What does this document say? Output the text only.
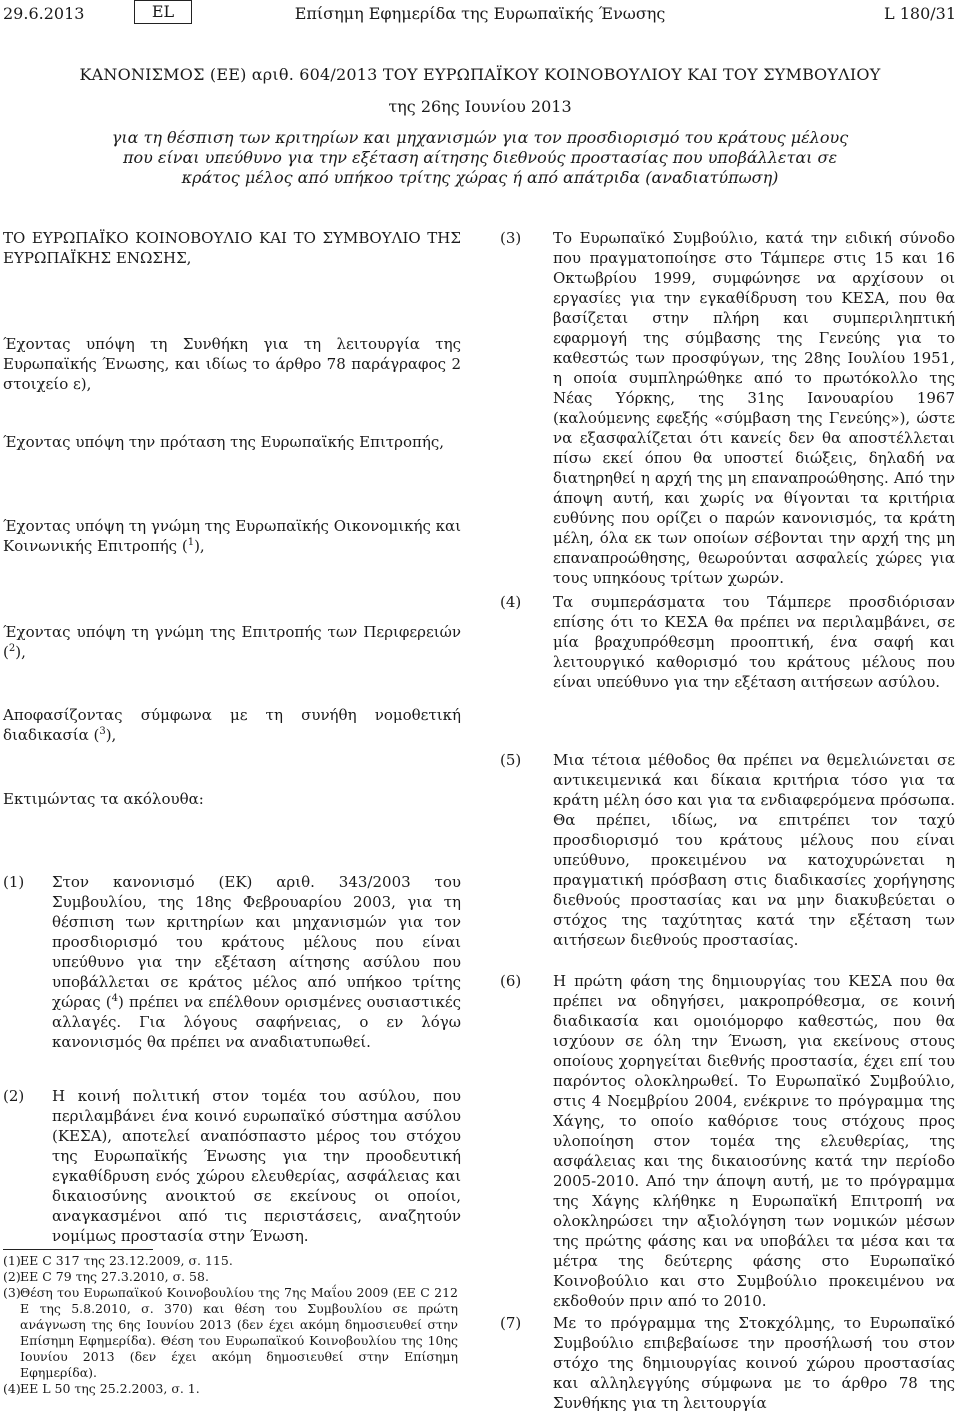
29.6.2013	EL	Επίσημη Εφημερίδα της Ευρωπαϊκής Ένωσης	L 180/31
ΚΑΝΟΝΙΣΜΟΣ (ΕΕ) αριθ. 604/2013 ΤΟΥ ΕΥΡΩΠΑΪΚΟΥ ΚΟΙΝΟΒΟΥΛΙΟΥ ΚΑΙ ΤΟΥ ΣΥΜΒΟΥΛΙΟΥ
της 26ης Ιουνίου 2013
για τη θέσπιση των κριτηρίων και μηχανισμών για τον προσδιορισμό του κράτους μέλους που είναι υπεύθυνο για την εξέταση αίτησης διεθνούς προστασίας που υποβάλλεται σε κράτος μέλος από υπήκοο τρίτης χώρας ή από απάτριδα (αναδιατύπωση)

ΤΟ ΕΥΡΩΠΑΪΚΟ ΚΟΙΝΟΒΟΥΛΙΟ ΚΑΙ ΤΟ ΣΥΜΒΟΥΛΙΟ ΤΗΣ ΕΥΡΩΠΑΪΚΗΣ ΕΝΩΣΗΣ,

Έχοντας υπόψη τη Συνθήκη για τη λειτουργία της Ευρωπαϊκής Ένωσης, και ιδίως το άρθρο 78 παράγραφος 2 στοιχείο ε),

Έχοντας υπόψη την πρόταση της Ευρωπαϊκής Επιτροπής,

Έχοντας υπόψη τη γνώμη της Ευρωπαϊκής Οικονομικής και Κοινωνικής Επιτροπής ($^1$),

Έχοντας υπόψη τη γνώμη της Επιτροπής των Περιφερειών ($^2$),

Αποφασίζοντας σύμφωνα με τη συνήθη νομοθετική διαδικασία ($^3$),

Εκτιμώντας τα ακόλουθα:

(1)	Στον κανονισμό (ΕΚ) αριθ. 343/2003 του Συμβουλίου, της 18ης Φεβρουαρίου 2003, για τη θέσπιση των κριτηρίων και μηχανισμών για τον προσδιορισμό του κράτους μέλους που είναι υπεύθυνο για την εξέταση αίτησης ασύλου που υποβάλλεται σε κράτος μέλος από υπήκοο τρίτης χώρας ($^4$) πρέπει να επέλθουν ορισμένες ουσιαστικές αλλαγές. Για λόγους σαφήνειας, ο εν λόγω κανονισμός θα πρέπει να αναδιατυπωθεί.
(2)	Η κοινή πολιτική στον τομέα του ασύλου, που περιλαμβάνει ένα κοινό ευρωπαϊκό σύστημα ασύλου (ΚΕΣΑ), αποτελεί αναπόσπαστο μέρος του στόχου της Ευρωπαϊκής Ένωσης για την προοδευτική εγκαθίδρυση ενός χώρου ελευθερίας, ασφάλειας και δικαιοσύνης ανοικτού σε εκείνους οι οποίοι, αναγκασμένοι από τις περιστάσεις, αναζητούν νομίμως προστασία στην Ένωση.
(1) ΕΕ C 317 της 23.12.2009, σ. 115.
(2) ΕΕ C 79 της 27.3.2010, σ. 58.
(3) Θέση του Ευρωπαϊκού Κοινοβουλίου της 7ης Μαΐου 2009 (ΕΕ C 212 E της 5.8.2010, σ. 370) και θέση του Συμβουλίου σε πρώτη ανάγνωση της 6ης Ιουνίου 2013 (δεν έχει ακόμη δημοσιευθεί στην Επίσημη Εφημερίδα). Θέση του Ευρωπαϊκού Κοινοβουλίου της 10ης Ιουνίου 2013 (δεν έχει ακόμη δημοσιευθεί στην Επίσημη Εφημερίδα).
(4) ΕΕ L 50 της 25.2.2003, σ. 1.
(3)	Το Ευρωπαϊκό Συμβούλιο, κατά την ειδική σύνοδο που πραγματοποίησε στο Τάμπερε στις 15 και 16 Οκτωβρίου 1999, συμφώνησε να αρχίσουν οι εργασίες για την εγκαθίδρυση του ΚΕΣΑ, που θα βασίζεται στην πλήρη και συμπεριληπτική εφαρμογή της σύμβασης της Γενεύης για το καθεστώς των προσφύγων, της 28ης Ιουλίου 1951, η οποία συμπληρώθηκε από το πρωτόκολλο της Νέας Υόρκης, της 31ης Ιανουαρίου 1967 (καλούμενης εφεξής «σύμβαση της Γενεύης»), ώστε να εξασφαλίζεται ότι κανείς δεν θα αποστέλλεται πίσω εκεί όπου θα υποστεί διώξεις, δηλαδή να διατηρηθεί η αρχή της μη επαναπροώθησης. Από την άποψη αυτή, και χωρίς να θίγονται τα κριτήρια ευθύνης που ορίζει ο παρών κανονισμός, τα κράτη μέλη, όλα εκ των οποίων σέβονται την αρχή της μη επαναπροώθησης, θεωρούνται ασφαλείς χώρες για τους υπηκόους τρίτων χωρών.
(4)	Τα συμπεράσματα του Τάμπερε προσδιόρισαν επίσης ότι το ΚΕΣΑ θα πρέπει να περιλαμβάνει, σε μία βραχυπρόθεσμη προοπτική, ένα σαφή και λειτουργικό καθορισμό του κράτους μέλους που είναι υπεύθυνο για την εξέταση αιτήσεων ασύλου.
(5)	Μια τέτοια μέθοδος θα πρέπει να θεμελιώνεται σε αντικειμενικά και δίκαια κριτήρια τόσο για τα κράτη μέλη όσο και για τα ενδιαφερόμενα πρόσωπα. Θα πρέπει, ιδίως, να επιτρέπει τον ταχύ προσδιορισμό του κράτους μέλους που είναι υπεύθυνο, προκειμένου να κατοχυρώνεται η πραγματική πρόσβαση στις διαδικασίες χορήγησης διεθνούς προστασίας και να μην διακυβεύεται ο στόχος της ταχύτητας κατά την εξέταση των αιτήσεων διεθνούς προστασίας.
(6)	Η πρώτη φάση της δημιουργίας του ΚΕΣΑ που θα πρέπει να οδηγήσει, μακροπρόθεσμα, σε κοινή διαδικασία και ομοιόμορφο καθεστώς, που θα ισχύουν σε όλη την Ένωση, για εκείνους στους οποίους χορηγείται διεθνής προστασία, έχει επί του παρόντος ολοκληρωθεί. Το Ευρωπαϊκό Συμβούλιο, στις 4 Νοεμβρίου 2004, ενέκρινε το πρόγραμμα της Χάγης, το οποίο καθόρισε τους στόχους προς υλοποίηση στον τομέα της ελευθερίας, της ασφάλειας και της δικαιοσύνης κατά την περίοδο 2005-2010. Από την άποψη αυτή, με το πρόγραμμα της Χάγης κλήθηκε η Ευρωπαϊκή Επιτροπή να ολοκληρώσει την αξιολόγηση των νομικών μέσων της πρώτης φάσης και να υποβάλει τα μέσα και τα μέτρα της δεύτερης φάσης στο Ευρωπαϊκό Κοινοβούλιο και στο Συμβούλιο προκειμένου να εκδοθούν πριν από το 2010.
(7)	Με το πρόγραμμα της Στοκχόλμης, το Ευρωπαϊκό Συμβούλιο επιβεβαίωσε την προσήλωσή του στον στόχο της δημιουργίας κοινού χώρου προστασίας και αλληλεγγύης σύμφωνα με το άρθρο 78 της Συνθήκης για τη λειτουργία
